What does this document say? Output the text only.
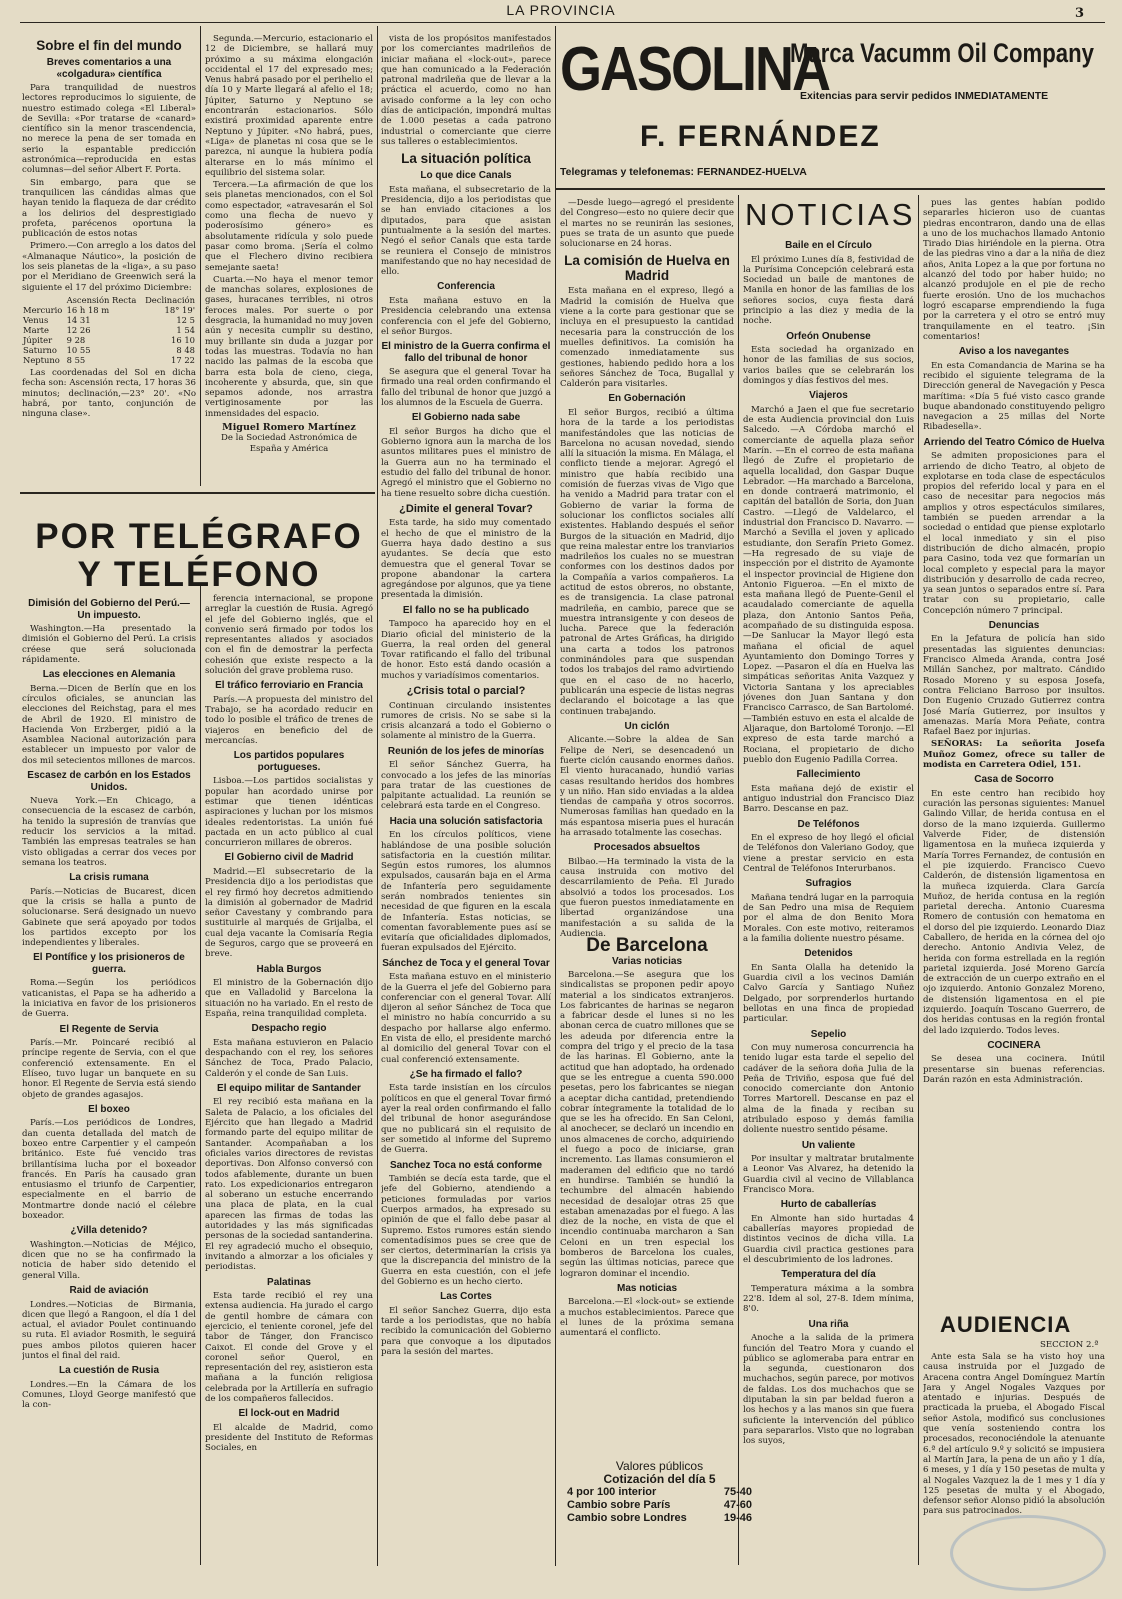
LA PROVINCIA	3
GASOLINA
Marca Vacumm Oil Company
Exitencias para servir pedidos INMEDIATAMENTE
F. FERNÁNDEZ
Telegramas y telefonemas: FERNANDEZ-HUELVA
Sobre el fin del mundo
Breves comentarios a una «colgadura» científica

Para tranquilidad de nuestros lectores reproducimos lo siguiente, de nuestro estimado colega «El Liberal» de Sevilla: «Por tratarse de «canard» científico sin la menor trascendencia, no merece la pena de ser tomada en serio la espantable predicción astronómica—reproducida en estas columnas—del señor Albert F. Porta.

Sin embargo, para que se tranquilicen las cándidas almas que hayan tenido la flaqueza de dar crédito a los delirios del desprestigiado profeta, parécenos oportuna la publicación de estos notas

Primero.—Con arreglo a los datos del «Almanaque Náutico», la posición de los seis planetas de la «liga», a su paso por el Meridiano de Greenwich será la siguiente el 17 del próximo Diciembre:

	Ascensión Recta	Declinación
Mercurio	16 h 18 m	18° 19'
Venus	14 31	12 5
Marte	12 26	1 54
Júpiter	9 28	16 10
Saturno	10 55	8 48
Neptuno	8 55	17 22

Las coordenadas del Sol en dicha fecha son: Ascensión recta, 17 horas 36 minutos; declinación,—23° 20'. «No habrá, por tanto, conjunción de ninguna clase».

Segunda.—Mercurio, estacionario el 12 de Diciembre, se hallará muy próximo a su máxima elongación occidental el 17 del expresado mes; Venus habrá pasado por el perihelio el día 10 y Marte llegará al afelio el 18; Júpiter, Saturno y Neptuno se encontrarán estacionarios. Sólo existirá proximidad aparente entre Neptuno y Júpiter. «No habrá, pues, «Liga» de planetas ni cosa que se le parezca, ni aunque la hubiera podía alterarse en lo más mínimo el equilibrio del sistema solar.

Tercera.—La afirmación de que los seis planetas mencionados, con el Sol como espectador, «atravesarán el Sol como una flecha de nuevo y poderosísimo género» es absolutamente ridícula y solo puede pasar como broma. ¡Sería el colmo que el Flechero divino recibiera semejante saeta!

Cuarta.—No haya el menor temor de manchas solares, explosiones de gases, huracanes terribles, ni otros feroces males. Por suerte o por desgracia, la humanidad no muy joven aún y necesita cumplir su destino, muy brillante sin duda a juzgar por todas las muestras. Todavía no han nacido las palmas de la escoba que barra esta bola de cieno, ciega, incoherente y absurda, que, sin que sepamos adonde, nos arrastra vertiginosamente por las inmensidades del espacio.

Miguel Romero Martínez
De la Sociedad Astronómica de España y América
POR TELÉGRAFO Y TELÉFONO
Dimisión del Gobierno del Perú.—Un impuesto.

Washington.—Ha presentado la dimisión el Gobierno del Perú. La crisis créese que será solucionada rápidamente.

Las elecciones en Alemania

Berna.—Dicen de Berlín que en los círculos oficiales, se anuncian las elecciones del Reichstag, para el mes de Abril de 1920. El ministro de Hacienda Von Erzberger, pidió a la Asamblea Nacional autorización para establecer un impuesto por valor de dos mil setecientos millones de marcos.

Escasez de carbón en los Estados Unidos.

Nueva York.—En Chicago, a consecuencia de la escasez de carbón, ha tenido la supresión de tranvías que reducir los servicios a la mitad. También las empresas teatrales se han visto obligadas a cerrar dos veces por semana los teatros.

La crisis rumana

París.—Noticias de Bucarest, dicen que la crisis se halla a punto de solucionarse. Será designado un nuevo Gabinete que será apoyado por todos los partidos excepto por los independientes y liberales.

El Pontífice y los prisioneros de guerra.

Roma.—Según los periódicos vaticanistas, el Papa se ha adherido a la iniciativa en favor de los prisioneros de Guerra.

El Regente de Servia

París.—Mr. Poincaré recibió al príncipe regente de Servia, con el que conferenció extensamente. En el Elíseo, tuvo lugar un banquete en su honor. El Regente de Servia está siendo objeto de grandes agasajos.

El boxeo

París.—Los periódicos de Londres, dan cuenta detallada del match de boxeo entre Carpentier y el campeón británico. Este fué vencido tras brillantísima lucha por el boxeador francés. En París ha causado gran entusiasmo el triunfo de Carpentier, especialmente en el barrio de Montmartre donde nació el célebre boxeador.

¿Villa detenido?

Washington.—Noticias de Méjico, dicen que no se ha confirmado la noticia de haber sido detenido el general Villa.

Raid de aviación

Londres.—Noticias de Birmania, dicen que llegó a Rangoon, el día 1 del actual, el aviador Poulet continuando su ruta. El aviador Rosmith, le seguirá pues ambos pilotos quieren hacer juntos el final del raid.

La cuestión de Rusia

Londres.—En la Cámara de los Comunes, Lloyd George manifestó que la con-

ferencia internacional, se propone arreglar la cuestión de Rusia. Agregó el jefe del Gobierno inglés, que el convenio será firmado por todos los representantes aliados y asociados con el fin de demostrar la perfecta cohesión que existe respecto a la solución del grave problema ruso.

El tráfico ferroviario en Francia

París.—A propuesta del ministro del Trabajo, se ha acordado reducir en todo lo posible el tráfico de trenes de viajeros en beneficio del de mercancías.

Los partidos populares portugueses.

Lisboa.—Los partidos socialistas y popular han acordado unirse por estimar que tienen idénticas aspiraciones y luchan por los mismos ideales redentoristas. La unión fué pactada en un acto público al cual concurrieron millares de obreros.

El Gobierno civil de Madrid

Madrid.—El subsecretario de la Presidencia dijo a los periodistas que el rey firmó hoy decretos admitiendo la dimisión al gobernador de Madrid señor Cavestany y combrando para sustituirle al marqués de Grijalba, el cual deja vacante la Comisaría Regia de Seguros, cargo que se proveerá en breve.

Habla Burgos

El ministro de la Gobernación dijo que en Valladolid y Barcelona la situación no ha variado. En el resto de España, reina tranquilidad completa.

Despacho regio

Esta mañana estuvieron en Palacio despachando con el rey, los señores Sánchez de Toca, Prado Palacio, Calderón y el conde de San Luis.

El equipo militar de Santander

El rey recibió esta mañana en la Saleta de Palacio, a los oficiales del Ejército que han llegado a Madrid formando parte del equipo militar de Santander. Acompañaban a los oficiales varios directores de revistas deportivas. Don Alfonso conversó con todos afablemente, durante un buen rato. Los expedicionarios entregaron al soberano un estuche encerrando una placa de plata, en la cual aparecen las firmas de todas las autoridades y las más significadas personas de la sociedad santanderina. El rey agradeció mucho el obsequio, invitando a almorzar a los oficiales y periodistas.

Palatinas

Esta tarde recibió el rey una extensa audiencia. Ha jurado el cargo de gentil hombre de cámara con ejercicio, el teniente coronel, jefe del tabor de Tánger, don Francisco Caixot. El conde del Grove y el coronel señor Querol, en representación del rey, asistieron esta mañana a la función religiosa celebrada por la Artillería en sufragio de los compañeros fallecidos.

El lock-out en Madrid

El alcalde de Madrid, como presidente del Instituto de Reformas Sociales, en

vista de los propósitos manifestados por los comerciantes madrileños de iniciar mañana el «lock-out», parece que han comunicado a la Federación patronal madrileña que de llevar a la práctica el acuerdo, como no han avisado conforme a la ley con ocho días de anticipación, impondrá multas de 1.000 pesetas a cada patrono industrial o comerciante que cierre sus talleres o establecimientos.

La situación política
Lo que dice Canals

Esta mañana, el subsecretario de la Presidencia, dijo a los periodistas que se han enviado citaciones a los diputados, para que asistan puntualmente a la sesión del martes. Negó el señor Canals que esta tarde se reuniera el Consejo de ministros manifestando que no hay necesidad de ello.

Conferencia

Esta mañana estuvo en la Presidencia celebrando una extensa conferencia con el jefe del Gobierno, el señor Burgos.

El ministro de la Guerra confirma el fallo del tribunal de honor

Se asegura que el general Tovar ha firmado una real orden confirmando el fallo del tribunal de honor que juzgó a los alumnos de la Escuela de Guerra.

El Gobierno nada sabe

El señor Burgos ha dicho que el Gobierno ignora aun la marcha de los asuntos militares pues el ministro de la Guerra aun no ha terminado el estudio del fallo del tribunal de honor. Agregó el ministro que el Gobierno no ha tiene resuelto sobre dicha cuestión.

¿Dimite el general Tovar?

Esta tarde, ha sido muy comentado el hecho de que el ministro de la Guerra haya dado destino a sus ayudantes. Se decía que esto demuestra que el general Tovar se propone abandonar la cartera agregándose por algunos, que ya tiene presentada la dimisión.

El fallo no se ha publicado

Tampoco ha aparecido hoy en el Diario oficial del ministerio de la Guerra, la real orden del general Tovar ratificando el fallo del tribunal de honor. Esto está dando ocasión a muchos y variadísimos comentarios.

¿Crisis total o parcial?

Continuan circulando insistentes rumores de crisis. No se sabe si la crisis alcanzará a todo el Gobierno o solamente al ministro de la Guerra.

Reunión de los jefes de minorías

El señor Sánchez Guerra, ha convocado a los jefes de las minorías para tratar de las cuestiones de palpitante actualidad. La reunión se celebrará esta tarde en el Congreso.

Hacia una solución satisfactoria

En los círculos políticos, viene hablándose de una posible solución satisfactoria en la cuestión militar. Según estos rumores, los alumnos expulsados, causarán baja en el Arma de Infantería pero seguidamente serán nombrados tenientes sin necesidad de que figuren en la escala de Infantería. Estas noticias, se comentan favorablemente pues así se evitaría que oficialidades diplomados, fueran expulsados del Ejército.

Sánchez de Toca y el general Tovar

Esta mañana estuvo en el ministerio de la Guerra el jefe del Gobierno para conferenciar con el general Tovar. Allí dijeron al señor Sánchez de Toca que el ministro no había concurrido a su despacho por hallarse algo enfermo. En vista de ello, el presidente marchó al domicilio del general Tovar con el cual conferenció extensamente.

¿Se ha firmado el fallo?

Esta tarde insistían en los círculos políticos en que el general Tovar firmó ayer la real orden confirmando el fallo del tribunal de honor asegurándose que no publicará sin el requisito de ser sometido al informe del Supremo de Guerra.

Sanchez Toca no está conforme

También se decía esta tarde, que el jefe del Gobierno, atendiendo a peticiones formuladas por varios Cuerpos armados, ha expresado su opinión de que el fallo debe pasar al Supremo. Estos rumores están siendo comentadísimos pues se cree que de ser ciertos, determinarían la crisis ya que la discrepancia del ministro de la Guerra en esta cuestión, con el jefe del Gobierno es un hecho cierto.

Las Cortes

El señor Sanchez Guerra, dijo esta tarde a los periodistas, que no había recibido la comunicación del Gobierno para que convoque a los diputados para la sesión del martes.

—Desde luego—agregó el presidente del Congreso—esto no quiere decir que el martes no se reunirán las sesiones, pues se trata de un asunto que puede solucionarse en 24 horas.

La comisión de Huelva en Madrid

Esta mañana en el expreso, llegó a Madrid la comisión de Huelva que viene a la corte para gestionar que se incluya en el presupuesto la cantidad necesaria para la construcción de los muelles definitivos. La comisión ha comenzado inmediatamente sus gestiones, habiendo pedido hora a los señores Sánchez de Toca, Bugallal y Calderón para visitarles.

En Gobernación

El señor Burgos, recibió a última hora de la tarde a los periodistas manifestándoles que las noticias de Barcelona no acusan novedad, siendo allí la situación la misma. En Málaga, el conflicto tiende a mejorar. Agregó el ministro que había recibido una comisión de fuerzas vivas de Vigo que ha venido a Madrid para tratar con el Gobierno de variar la forma de solucionar los conflictos sociales allí existentes. Hablando después el señor Burgos de la situación en Madrid, dijo que reina malestar entre los tranviarios madrileños los cuales no se muestran conformes con los destinos dados por la Compañía a varios compañeros. La actitud de estos obreros, no obstante, es de transigencia. La clase patronal madrileña, en cambio, parece que se muestra intransigente y con deseos de lucha. Parece que la federación patronal de Artes Gráficas, ha dirigido una carta a todos los patronos conminándoles para que suspendan todos los trabajos del ramo advirtiendo que en el caso de no hacerlo, publicarán una especie de listas negras declarando el boicotage a las que continuen trabajando.

Un ciclón

Alicante.—Sobre la aldea de San Felipe de Neri, se desencadenó un fuerte ciclón causando enormes daños. El viento huracanado, hundió varias casas resultando heridos dos hombres y un niño. Han sido enviadas a la aldea tiendas de campaña y otros socorros. Numerosas familias han quedado en la más espantosa miseria pues el huracán ha arrasado totalmente las cosechas.

Procesados absueltos

Bilbao.—Ha terminado la vista de la causa instruida con motivo del descarrilamiento de Peña. El Jurado absolvió a todos los procesados. Los que fueron puestos inmediatamente en libertad organizándose una manifestación a su salida de la Audiencia.

De Barcelona
Varias noticias

Barcelona.—Se asegura que los sindicalistas se proponen pedir apoyo material a los sindicatos extranjeros. Los fabricantes de harinas se negaron a fabricar desde el lunes si no les abonan cerca de cuatro millones que se les adeuda por diferencia entre la compra del trigo y el precio de la tasa de las harinas. El Gobierno, ante la actitud que han adoptado, ha ordenado que se les entregue a cuenta 590.000 pesetas, pero los fabricantes se niegan a aceptar dicha cantidad, pretendiendo cobrar íntegramente la totalidad de lo que se les ha ofrecido. En San Celoni, al anochecer, se declaró un incendio en unos almacenes de corcho, adquiriendo el fuego a poco de iniciarse, gran incremento. Las llamas consumieron el maderamen del edificio que no tardó en hundirse. También se hundió la techumbre del almacén habiendo necesidad de desalojar otras 25 que estaban amenazadas por el fuego. A las diez de la noche, en vista de que el incendio continuaba marcharon a San Celoni en un tren especial los bomberos de Barcelona los cuales, según las últimas noticias, parece que lograron dominar el incendio.

Mas noticias

Barcelona.—El «lock-out» se extiende a muchos establecimientos. Parece que el lunes de la próxima semana aumentará el conflicto.

Valores públicos
Cotización del día 5
4 por 100 interior	75-40
Cambio sobre París	47-60
Cambio sobre Londres	19-46
NOTICIAS
Baile en el Círculo

El próximo Lunes día 8, festividad de la Purísima Concepción celebrará esta Sociedad un baile de mantones de Manila en honor de las familias de los señores socios, cuya fiesta dará principio a las diez y media de la noche.

Orfeón Onubense

Esta sociedad ha organizado en honor de las familias de sus socios, varios bailes que se celebrarán los domingos y días festivos del mes.

Viajeros

Marchó a Jaen el que fue secretario de esta Audiencia provincial don Luis Salcedo. —A Córdoba marchó el comerciante de aquella plaza señor Marín. —En el correo de esta mañana llegó de Zufre el propietario de aquella localidad, don Gaspar Duque Lebrador. —Ha marchado a Barcelona, en donde contraerá matrimonio, el capitán del batallón de Soria, don Juan Castro. —Llegó de Valdelarco, el industrial don Francisco D. Navarro. —Marchó a Sevilla el joven y aplicado estudiante, don Serafín Prieto Gomez. —Ha regresado de su viaje de inspección por el distrito de Ayamonte el inspector provincial de Higiene don Antonio Figueroa. —En el mixto de esta mañana llegó de Puente-Genil el acaudalado comerciante de aquella plaza, don Antonio Santos Peña, acompañado de su distinguida esposa. —De Sanlucar la Mayor llegó esta mañana el oficial de aquel Ayuntamiento don Domingo Torres y Lopez. —Pasaron el día en Huelva las simpáticas señoritas Anita Vazquez y Victoria Santana y los apreciables jóvenes don Juan Santana y don Francisco Carrasco, de San Bartolomé. —También estuvo en esta el alcalde de Aljaraque, don Bartolomé Toronjo. —El expreso de esta tarde marchó a Rociana, el propietario de dicho pueblo don Eugenio Padilla Correa.

Fallecimiento

Esta mañana dejó de existir el antiguo industrial don Francisco Diaz Barro. Descanse en paz.

De Teléfonos

En el expreso de hoy llegó el oficial de Teléfonos don Valeriano Godoy, que viene a prestar servicio en esta Central de Teléfonos Interurbanos.

Sufragios

Mañana tendrá lugar en la parroquia de San Pedro una misa de Requiem por el alma de don Benito Mora Morales. Con este motivo, reiteramos a la familia doliente nuestro pésame.

Detenidos

En Santa Olalla ha detenido la Guardia civil a los vecinos Damián Calvo García y Santiago Nuñez Delgado, por sorprenderlos hurtando bellotas en una finca de propiedad particular.

Sepelio

Con muy numerosa concurrencia ha tenido lugar esta tarde el sepelio del cadáver de la señora doña Julia de la Peña de Triviño, esposa que fué del conocido comerciante don Antonio Torres Martorell. Descanse en paz el alma de la finada y reciban su atribulado esposo y demás familia doliente nuestro sentido pésame.

Un valiente

Por insultar y maltratar brutalmente a Leonor Vas Alvarez, ha detenido la Guardia civil al vecino de Villablanca Francisco Mora.

Hurto de caballerías

En Almonte han sido hurtadas 4 caballerías mayores propiedad de distintos vecinos de dicha villa. La Guardia civil practica gestiones para el descubrimiento de los ladrones.

Temperatura del día

Temperatura máxima a la sombra 22'8. Idem al sol, 27-8. Idem mínima, 8'0.

Una riña

Anoche a la salida de la primera función del Teatro Mora y cuando el público se aglomeraba para entrar en la segunda, cuestionaron dos muchachos, según parece, por motivos de faldas. Los dos muchachos que se diputaban la sin par beldad fueron a los hechos y a las manos sin que fuera suficiente la intervención del público para separarlos. Visto que no lograban los suyos,

pues las gentes habían podido separarles hicieron uso de cuantas piedras encontraron, dando una de ellas a uno de los muchachos llamado Antonio Tirado Dias hiriéndole en la pierna. Otra de las piedras vino a dar a la niña de diez años, Anita Lopez a la que por fortuna no alcanzó del todo por haber huido; no alcanzó produjole en el pie de recho fuerte erosión. Uno de los muchachos logró escaparse emprendiendo la fuga por la carretera y el otro se entró muy tranquilamente en el teatro. ¡Sin comentarios!

Aviso a los navegantes

En esta Comandancia de Marina se ha recibido el siguiente telegrama de la Dirección general de Navegación y Pesca marítima: «Día 5 fué visto casco grande buque abandonado constituyendo peligro navegacion a 25 millas del Norte Ribadesella».

Arriendo del Teatro Cómico de Huelva

Se admiten proposiciones para el arriendo de dicho Teatro, al objeto de explotarse en toda clase de espectáculos propios del referido local y para en el caso de necesitar para negocios más amplios y otros espectáculos similares, también se pueden arrendar a la sociedad o entidad que piense explotarlo el local inmediato y sin el piso distribución de dicho almacén, propio para Casino, toda vez que formarían un local completo y especial para la mayor distribución y desarrollo de cada recreo, ya sean juntos o separados entre sí. Para tratar con su propietario, calle Concepción número 7 principal.

Denuncias

En la Jefatura de policía han sido presentadas las siguientes denuncias: Francisco Almeda Aranda, contra José Millán Sanchez, por maltrato. Cándido Rosado Moreno y su esposa Josefa, contra Feliciano Barroso por insultos. Don Eugenio Cruzado Gutierrez contra José María Gutierrez, por insultos y amenazas. María Mora Peñate, contra Rafael Baez por injurias.

SEÑORAS: La señorita Josefa Muñoz Gomez, ofrece su taller de modista en Carretera Odiel, 151.

Casa de Socorro

En este centro han recibido hoy curación las personas siguientes: Manuel Galindo Villar, de herida contusa en el dorso de la mano izquierda. Guillermo Valverde Fider, de distensión ligamentosa en la muñeca izquierda y María Torres Fernandez, de contusión en el pie izquierdo. Francisco Cuevo Calderón, de distensión ligamentosa en la muñeca izquierda. Clara García Muñoz, de herida contusa en la región parietal derecha. Antonio Cuaresma Romero de contusión con hematoma en el dorso del pie izquierdo. Leonardo Diaz Caballero, de herida en la córnea del ojo derecho. Antonio Andivia Velez, de herida con forma estrellada en la región parietal izquierda. José Moreno García de extracción de un cuerpo extraño en el ojo izquierdo. Antonio Gonzalez Moreno, de distensión ligamentosa en el pie izquierdo. Joaquín Toscano Guerrero, de dos heridas contusas en la región frontal del lado izquierdo. Todos leves.

COCINERA

Se desea una cocinera. Inútil presentarse sin buenas referencias. Darán razón en esta Administración.

AUDIENCIA
SECCION 2.ª

Ante esta Sala se ha visto hoy una causa instruida por el Juzgado de Aracena contra Angel Domínguez Martín Jara y Angel Nogales Vazques por atentado e injurias. Después de practicada la prueba, el Abogado Fiscal señor Astola, modificó sus conclusiones que venía sosteniendo contra los procesados, reconociéndole la atenuante 6.ª del artículo 9.º y solicitó se impusiera al Martín Jara, la pena de un año y 1 día, 6 meses, y 1 día y 150 pesetas de multa y al Nogales Vazquez la de 1 mes y 1 día y 125 pesetas de multa y el Abogado, defensor señor Alonso pidió la absolución para sus patrocinados.
